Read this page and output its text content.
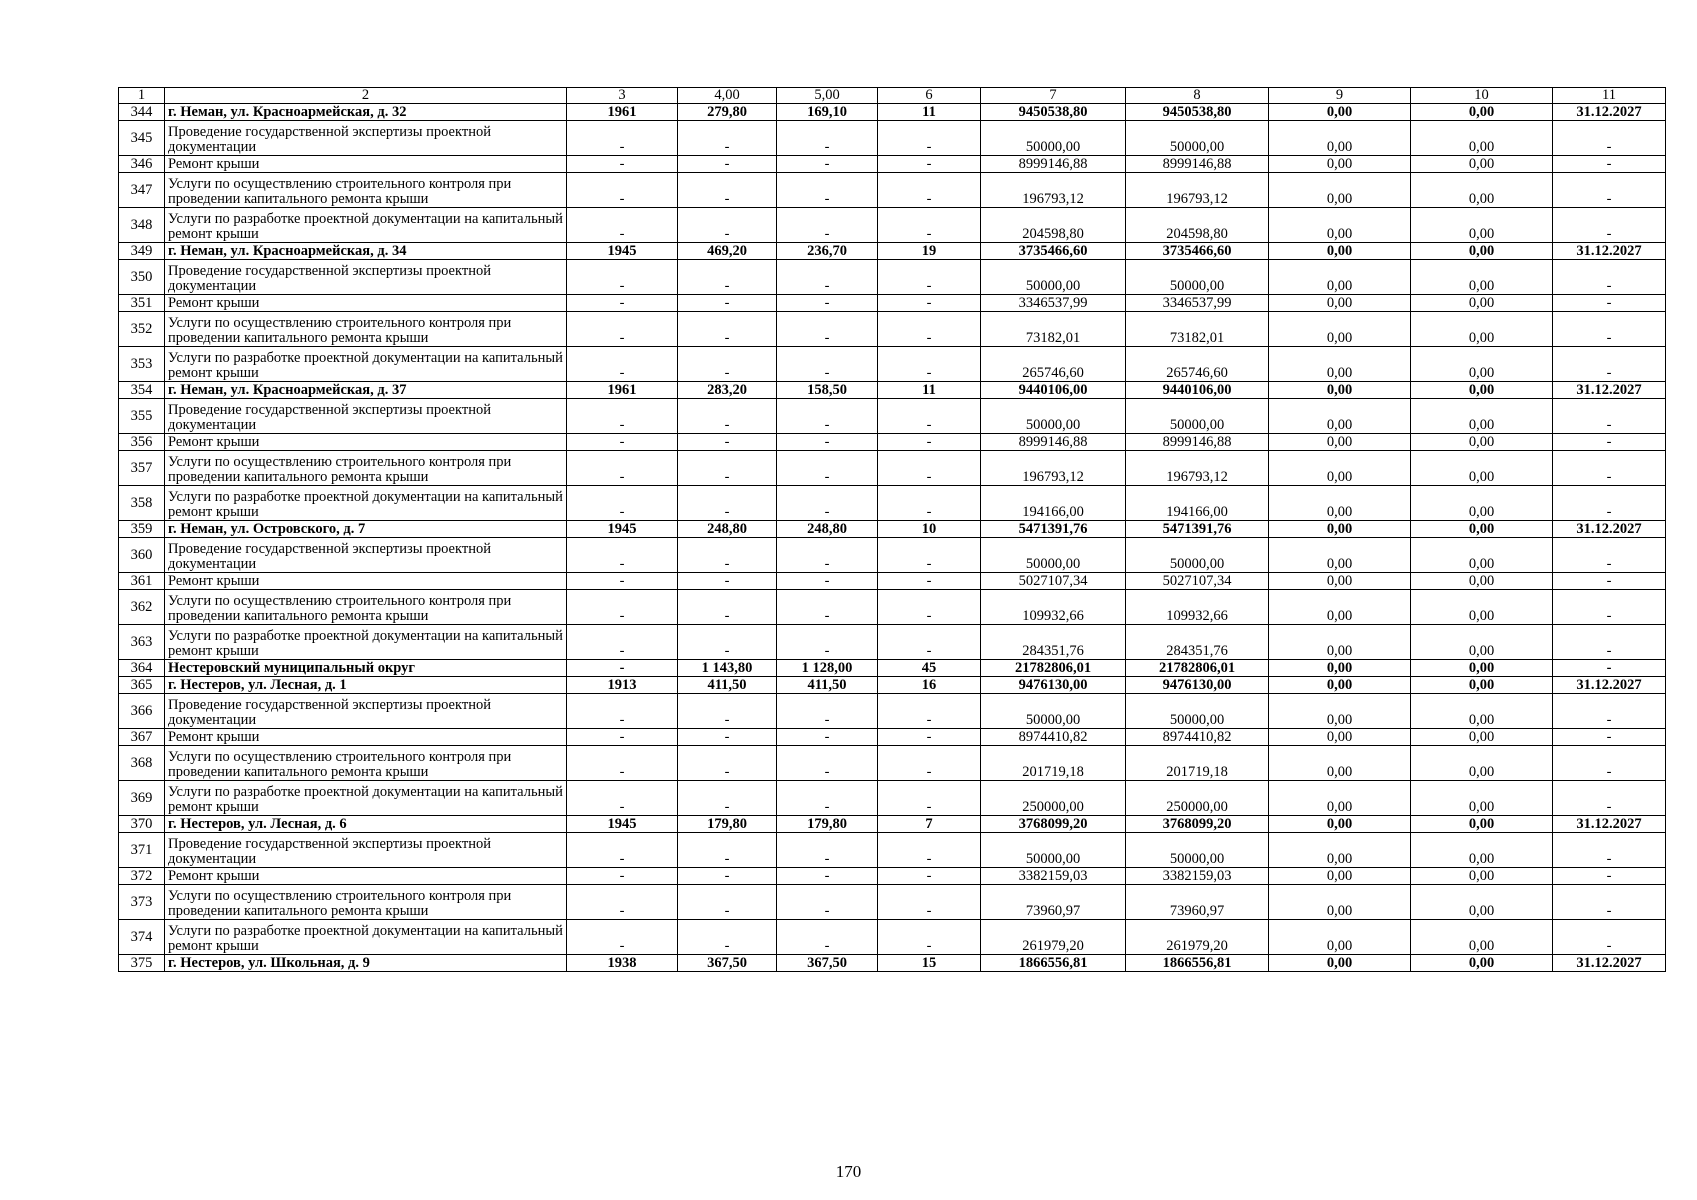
1	2	3	4,00	5,00	6	7	8	9	10	11
344	г. Неман, ул. Красноармейская, д. 32	1961	279,80	169,10	11	9450538,80	9450538,80	0,00	0,00	31.12.2027
345	Проведение государственной экспертизы проектной документации	-	-	-	-	50000,00	50000,00	0,00	0,00	-
346	Ремонт крыши	-	-	-	-	8999146,88	8999146,88	0,00	0,00	-
347	Услуги по осуществлению строительного контроля при проведении капитального ремонта крыши	-	-	-	-	196793,12	196793,12	0,00	0,00	-
348	Услуги по разработке проектной документации на капитальный ремонт крыши	-	-	-	-	204598,80	204598,80	0,00	0,00	-
349	г. Неман, ул. Красноармейская, д. 34	1945	469,20	236,70	19	3735466,60	3735466,60	0,00	0,00	31.12.2027
350	Проведение государственной экспертизы проектной документации	-	-	-	-	50000,00	50000,00	0,00	0,00	-
351	Ремонт крыши	-	-	-	-	3346537,99	3346537,99	0,00	0,00	-
352	Услуги по осуществлению строительного контроля при проведении капитального ремонта крыши	-	-	-	-	73182,01	73182,01	0,00	0,00	-
353	Услуги по разработке проектной документации на капитальный ремонт крыши	-	-	-	-	265746,60	265746,60	0,00	0,00	-
354	г. Неман, ул. Красноармейская, д. 37	1961	283,20	158,50	11	9440106,00	9440106,00	0,00	0,00	31.12.2027
355	Проведение государственной экспертизы проектной документации	-	-	-	-	50000,00	50000,00	0,00	0,00	-
356	Ремонт крыши	-	-	-	-	8999146,88	8999146,88	0,00	0,00	-
357	Услуги по осуществлению строительного контроля при проведении капитального ремонта крыши	-	-	-	-	196793,12	196793,12	0,00	0,00	-
358	Услуги по разработке проектной документации на капитальный ремонт крыши	-	-	-	-	194166,00	194166,00	0,00	0,00	-
359	г. Неман, ул. Островского, д. 7	1945	248,80	248,80	10	5471391,76	5471391,76	0,00	0,00	31.12.2027
360	Проведение государственной экспертизы проектной документации	-	-	-	-	50000,00	50000,00	0,00	0,00	-
361	Ремонт крыши	-	-	-	-	5027107,34	5027107,34	0,00	0,00	-
362	Услуги по осуществлению строительного контроля при проведении капитального ремонта крыши	-	-	-	-	109932,66	109932,66	0,00	0,00	-
363	Услуги по разработке проектной документации на капитальный ремонт крыши	-	-	-	-	284351,76	284351,76	0,00	0,00	-
364	Нестеровский муниципальный округ	-	1 143,80	1 128,00	45	21782806,01	21782806,01	0,00	0,00	-
365	г. Нестеров, ул. Лесная, д. 1	1913	411,50	411,50	16	9476130,00	9476130,00	0,00	0,00	31.12.2027
366	Проведение государственной экспертизы проектной документации	-	-	-	-	50000,00	50000,00	0,00	0,00	-
367	Ремонт крыши	-	-	-	-	8974410,82	8974410,82	0,00	0,00	-
368	Услуги по осуществлению строительного контроля при проведении капитального ремонта крыши	-	-	-	-	201719,18	201719,18	0,00	0,00	-
369	Услуги по разработке проектной документации на капитальный ремонт крыши	-	-	-	-	250000,00	250000,00	0,00	0,00	-
370	г. Нестеров, ул. Лесная, д. 6	1945	179,80	179,80	7	3768099,20	3768099,20	0,00	0,00	31.12.2027
371	Проведение государственной экспертизы проектной документации	-	-	-	-	50000,00	50000,00	0,00	0,00	-
372	Ремонт крыши	-	-	-	-	3382159,03	3382159,03	0,00	0,00	-
373	Услуги по осуществлению строительного контроля при проведении капитального ремонта крыши	-	-	-	-	73960,97	73960,97	0,00	0,00	-
374	Услуги по разработке проектной документации на капитальный ремонт крыши	-	-	-	-	261979,20	261979,20	0,00	0,00	-
375	г. Нестеров, ул. Школьная, д. 9	1938	367,50	367,50	15	1866556,81	1866556,81	0,00	0,00	31.12.2027
170
